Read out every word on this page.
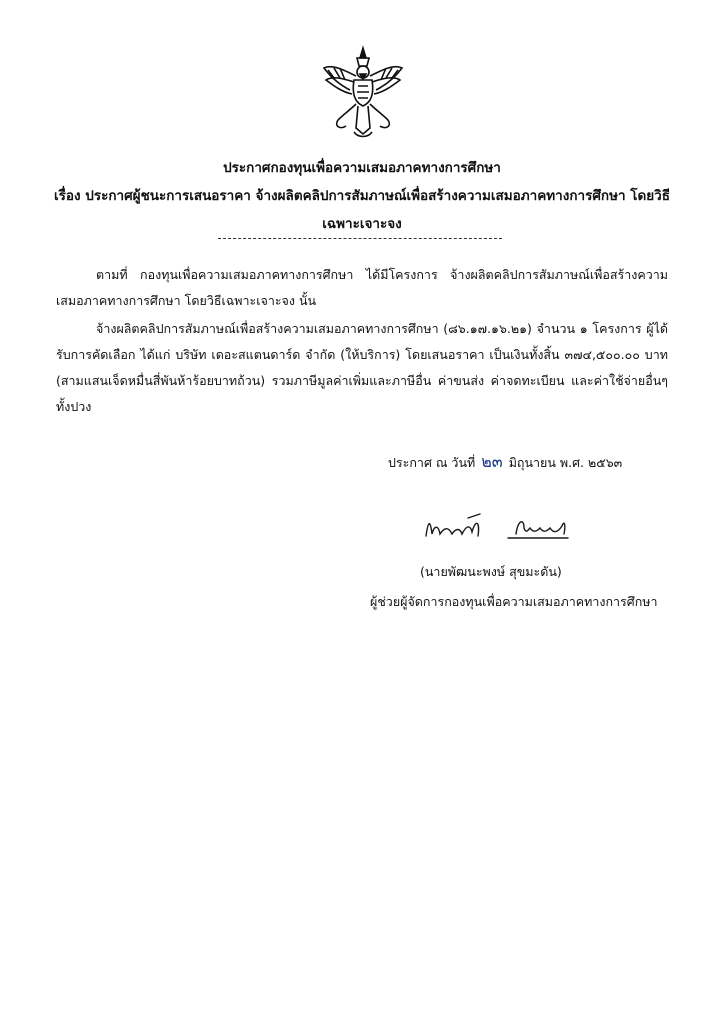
ประกาศกองทุนเพื่อความเสมอภาคทางการศึกษา
เรื่อง ประกาศผู้ชนะการเสนอราคา จ้างผลิตคลิปการสัมภาษณ์เพื่อสร้างความเสมอภาคทางการศึกษา โดยวิธี
เฉพาะเจาะจง
ตามที่ กองทุนเพื่อความเสมอภาคทางการศึกษา ได้มีโครงการ จ้างผลิตคลิปการสัมภาษณ์เพื่อสร้างความเสมอภาคทางการศึกษา โดยวิธีเฉพาะเจาะจง นั้น
จ้างผลิตคลิปการสัมภาษณ์เพื่อสร้างความเสมอภาคทางการศึกษา (๘๖.๑๗.๑๖.๒๑) จำนวน ๑ โครงการ ผู้ได้รับการคัดเลือก ได้แก่ บริษัท เดอะสแตนดาร์ด จำกัด (ให้บริการ) โดยเสนอราคา เป็นเงินทั้งสิ้น ๓๗๔,๕๐๐.๐๐ บาท (สามแสนเจ็ดหมื่นสี่พันห้าร้อยบาทถ้วน) รวมภาษีมูลค่าเพิ่มและภาษีอื่น ค่าขนส่ง ค่าจดทะเบียน และค่าใช้จ่ายอื่นๆ ทั้งปวง
ประกาศ ณ วันที่ ๒๓ มิถุนายน พ.ศ. ๒๕๖๓
(นายพัฒนะพงษ์ สุขมะดัน)
ผู้ช่วยผู้จัดการกองทุนเพื่อความเสมอภาคทางการศึกษา
